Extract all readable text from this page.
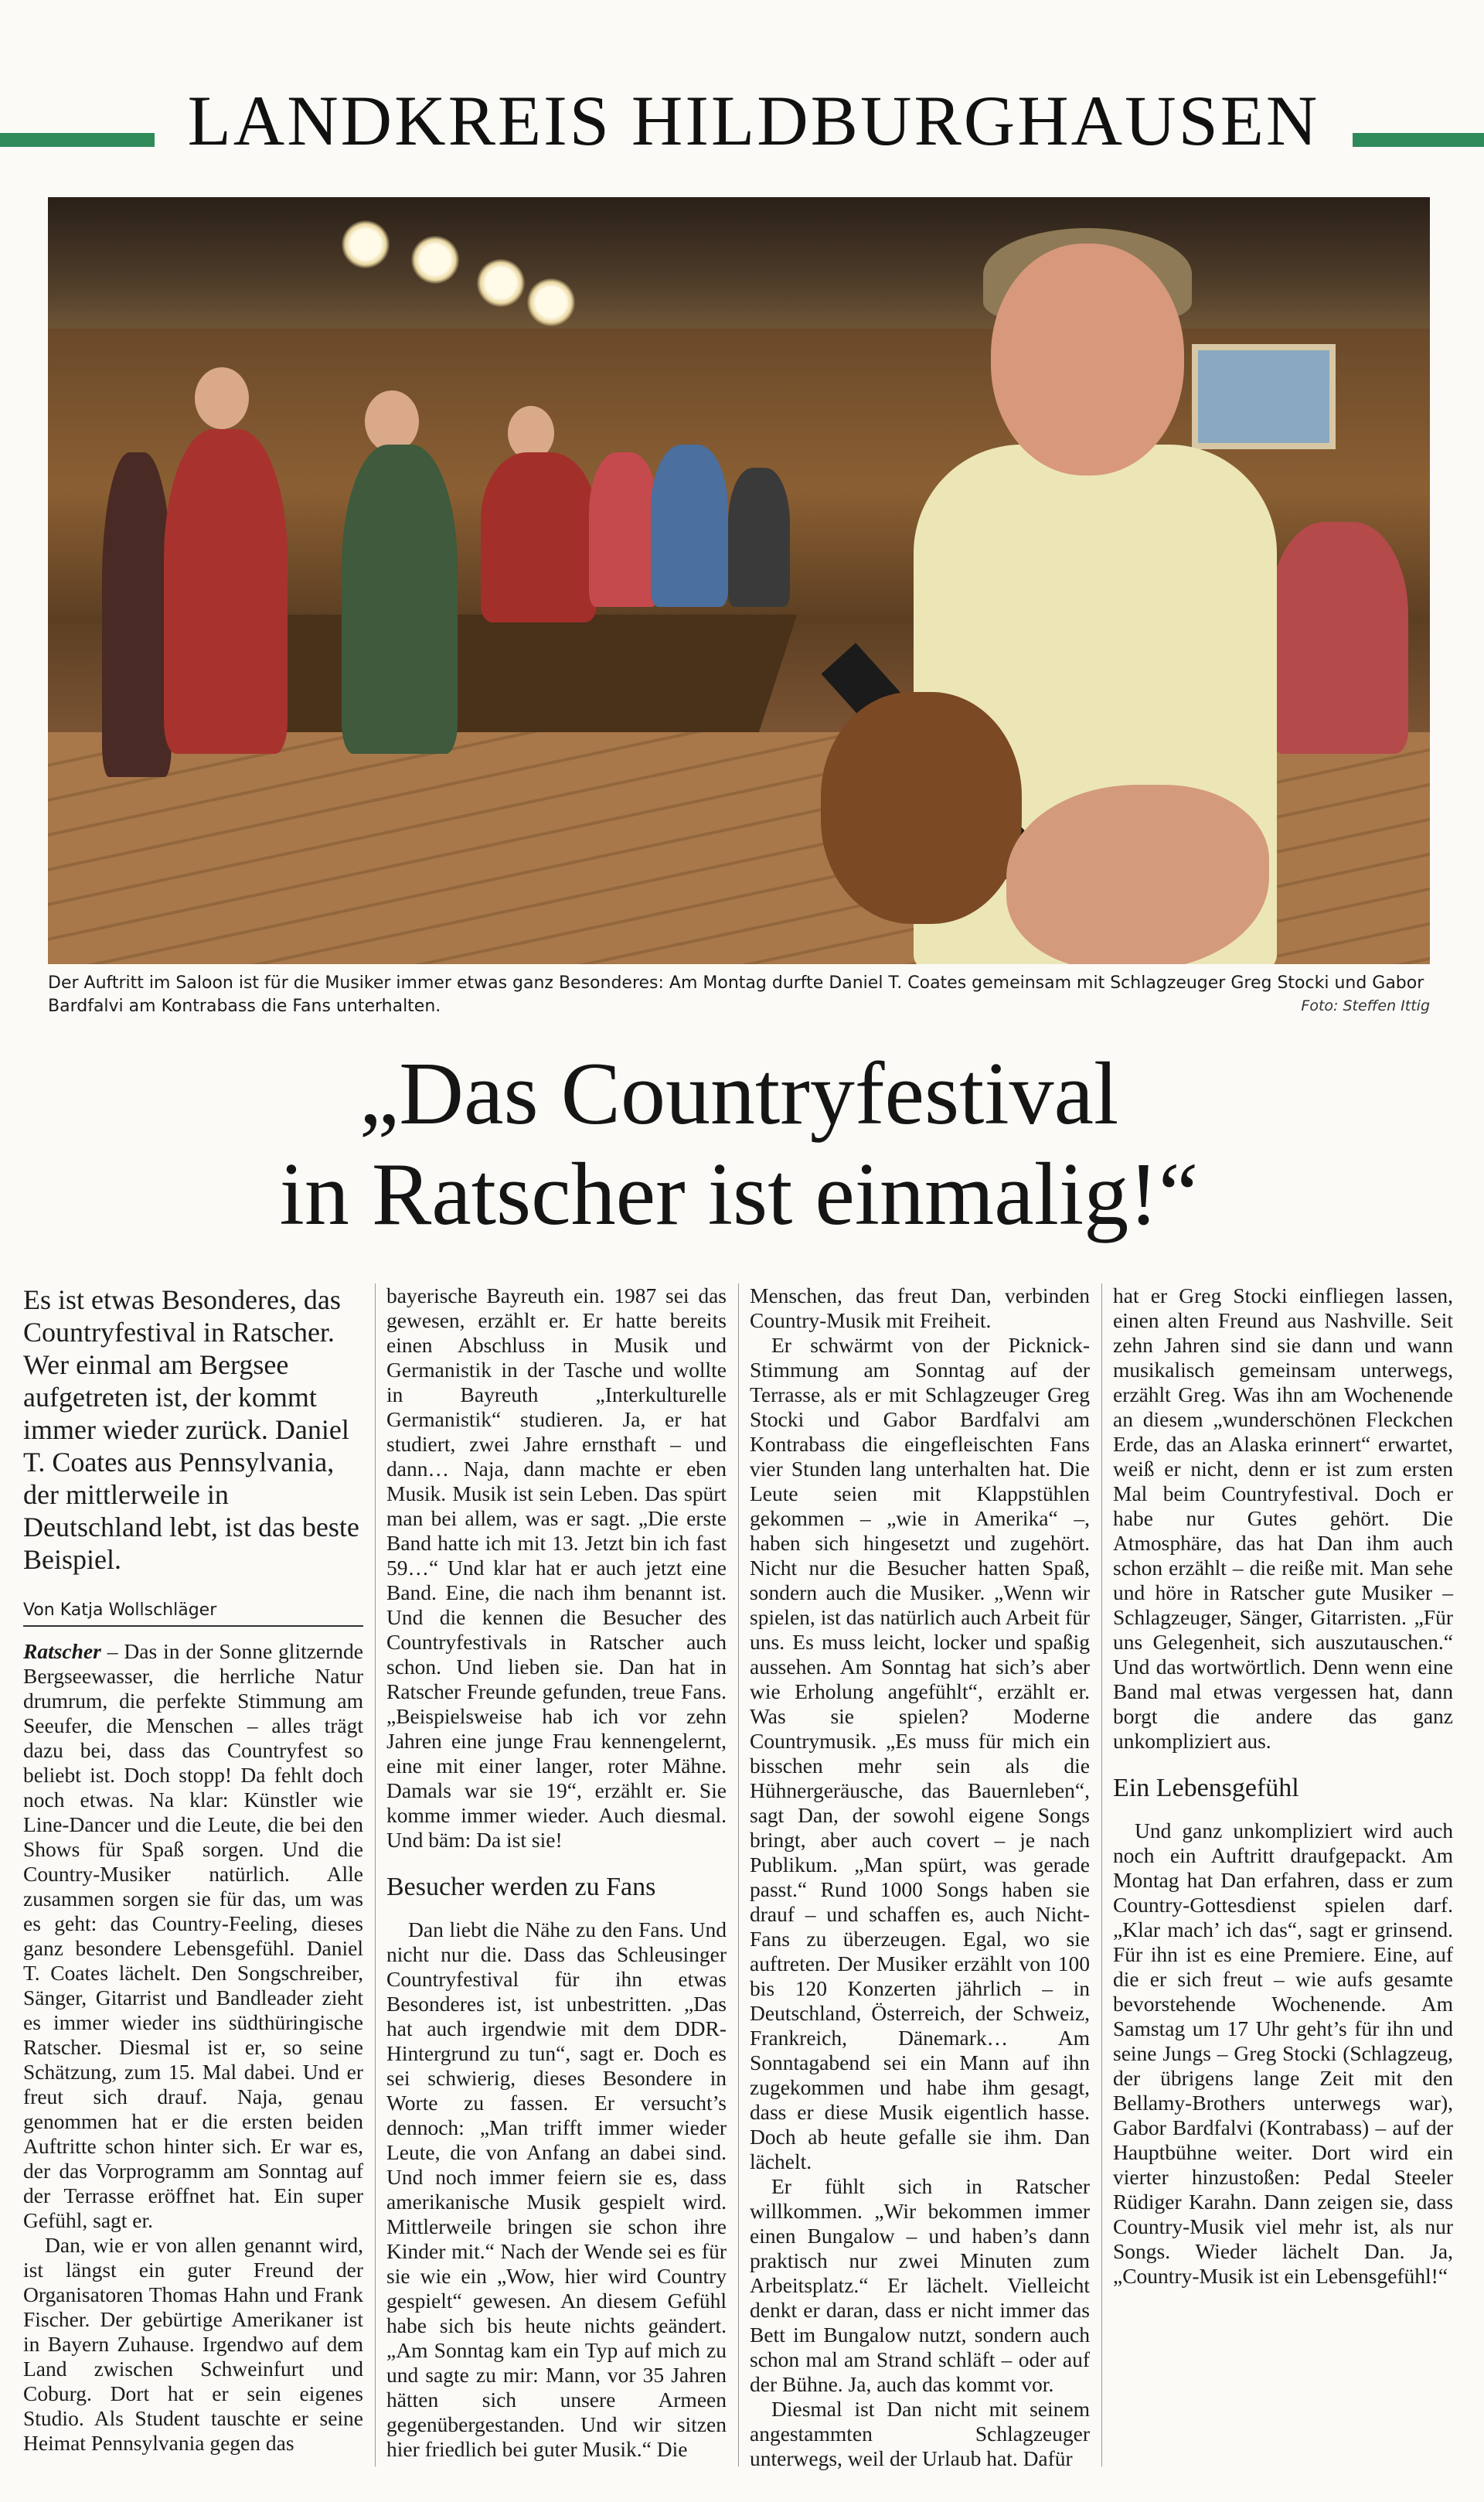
LANDKREIS HILDBURGHAUSEN
Der Auftritt im Saloon ist für die Musiker immer etwas ganz Besonderes: Am Montag durfte Daniel T. Coates gemeinsam mit Schlagzeuger Greg Stocki und Gabor Bardfalvi am Kontrabass die Fans unterhalten.	Foto: Steffen Ittig
„Das Countryfestival
in Ratscher ist einmalig!“
Es ist etwas Besonderes, das Countryfestival in Ratscher. Wer einmal am Bergsee aufgetreten ist, der kommt immer wieder zurück. Daniel T. Coates aus Pennsylvania, der mittlerweile in Deutschland lebt, ist das beste Beispiel.
Von Katja Wollschläger

Ratscher – Das in der Sonne glitzernde Bergseewasser, die herrliche Natur drumrum, die perfekte Stimmung am Seeufer, die Menschen – alles trägt dazu bei, dass das Countryfest so beliebt ist. Doch stopp! Da fehlt doch noch etwas. Na klar: Künstler wie Line-Dancer und die Leute, die bei den Shows für Spaß sorgen. Und die Country-Musiker natürlich. Alle zusammen sorgen sie für das, um was es geht: das Country-Feeling, dieses ganz besondere Lebensgefühl. Daniel T. Coates lächelt. Den Songschreiber, Sänger, Gitarrist und Bandleader zieht es immer wieder ins südthüringische Ratscher. Diesmal ist er, so seine Schätzung, zum 15. Mal dabei. Und er freut sich drauf. Naja, genau genommen hat er die ersten beiden Auftritte schon hinter sich. Er war es, der das Vorprogramm am Sonntag auf der Terrasse eröffnet hat. Ein super Gefühl, sagt er.

Dan, wie er von allen genannt wird, ist längst ein guter Freund der Organisatoren Thomas Hahn und Frank Fischer. Der gebürtige Amerikaner ist in Bayern Zuhause. Irgendwo auf dem Land zwischen Schweinfurt und Coburg. Dort hat er sein eigenes Studio. Als Student tauschte er seine Heimat Pennsylvania gegen das

bayerische Bayreuth ein. 1987 sei das gewesen, erzählt er. Er hatte bereits einen Abschluss in Musik und Germanistik in der Tasche und wollte in Bayreuth „Interkulturelle Germanistik“ studieren. Ja, er hat studiert, zwei Jahre ernsthaft – und dann… Naja, dann machte er eben Musik. Musik ist sein Leben. Das spürt man bei allem, was er sagt. „Die erste Band hatte ich mit 13. Jetzt bin ich fast 59…“ Und klar hat er auch jetzt eine Band. Eine, die nach ihm benannt ist. Und die kennen die Besucher des Countryfestivals in Ratscher auch schon. Und lieben sie. Dan hat in Ratscher Freunde gefunden, treue Fans. „Beispielsweise hab ich vor zehn Jahren eine junge Frau kennengelernt, eine mit einer langer, roter Mähne. Damals war sie 19“, erzählt er. Sie komme immer wieder. Auch diesmal. Und bäm: Da ist sie!

Besucher werden zu Fans

Dan liebt die Nähe zu den Fans. Und nicht nur die. Dass das Schleusinger Countryfestival für ihn etwas Besonderes ist, ist unbestritten. „Das hat auch irgendwie mit dem DDR-Hintergrund zu tun“, sagt er. Doch es sei schwierig, dieses Besondere in Worte zu fassen. Er versucht’s dennoch: „Man trifft immer wieder Leute, die von Anfang an dabei sind. Und noch immer feiern sie es, dass amerikanische Musik gespielt wird. Mittlerweile bringen sie schon ihre Kinder mit.“ Nach der Wende sei es für sie wie ein „Wow, hier wird Country gespielt“ gewesen. An diesem Gefühl habe sich bis heute nichts geändert. „Am Sonntag kam ein Typ auf mich zu und sagte zu mir: Mann, vor 35 Jahren hätten sich unsere Armeen gegenübergestanden. Und wir sitzen hier friedlich bei guter Musik.“ Die

Menschen, das freut Dan, verbinden Country-Musik mit Freiheit.

Er schwärmt von der Picknick-Stimmung am Sonntag auf der Terrasse, als er mit Schlagzeuger Greg Stocki und Gabor Bardfalvi am Kontrabass die eingefleischten Fans vier Stunden lang unterhalten hat. Die Leute seien mit Klappstühlen gekommen – „wie in Amerika“ –, haben sich hingesetzt und zugehört. Nicht nur die Besucher hatten Spaß, sondern auch die Musiker. „Wenn wir spielen, ist das natürlich auch Arbeit für uns. Es muss leicht, locker und spaßig aussehen. Am Sonntag hat sich’s aber wie Erholung angefühlt“, erzählt er. Was sie spielen? Moderne Countrymusik. „Es muss für mich ein bisschen mehr sein als die Hühnergeräusche, das Bauernleben“, sagt Dan, der sowohl eigene Songs bringt, aber auch covert – je nach Publikum. „Man spürt, was gerade passt.“ Rund 1000 Songs haben sie drauf – und schaffen es, auch Nicht-Fans zu überzeugen. Egal, wo sie auftreten. Der Musiker erzählt von 100 bis 120 Konzerten jährlich – in Deutschland, Österreich, der Schweiz, Frankreich, Dänemark… Am Sonntagabend sei ein Mann auf ihn zugekommen und habe ihm gesagt, dass er diese Musik eigentlich hasse. Doch ab heute gefalle sie ihm. Dan lächelt.

Er fühlt sich in Ratscher willkommen. „Wir bekommen immer einen Bungalow – und haben’s dann praktisch nur zwei Minuten zum Arbeitsplatz.“ Er lächelt. Vielleicht denkt er daran, dass er nicht immer das Bett im Bungalow nutzt, sondern auch schon mal am Strand schläft – oder auf der Bühne. Ja, auch das kommt vor.

Diesmal ist Dan nicht mit seinem angestammten Schlagzeuger unterwegs, weil der Urlaub hat. Dafür

hat er Greg Stocki einfliegen lassen, einen alten Freund aus Nashville. Seit zehn Jahren sind sie dann und wann musikalisch gemeinsam unterwegs, erzählt Greg. Was ihn am Wochenende an diesem „wunderschönen Fleckchen Erde, das an Alaska erinnert“ erwartet, weiß er nicht, denn er ist zum ersten Mal beim Countryfestival. Doch er habe nur Gutes gehört. Die Atmosphäre, das hat Dan ihm auch schon erzählt – die reiße mit. Man sehe und höre in Ratscher gute Musiker – Schlagzeuger, Sänger, Gitarristen. „Für uns Gelegenheit, sich auszutauschen.“ Und das wortwörtlich. Denn wenn eine Band mal etwas vergessen hat, dann borgt die andere das ganz unkompliziert aus.

Ein Lebensgefühl

Und ganz unkompliziert wird auch noch ein Auftritt draufgepackt. Am Montag hat Dan erfahren, dass er zum Country-Gottesdienst spielen darf. „Klar mach’ ich das“, sagt er grinsend. Für ihn ist es eine Premiere. Eine, auf die er sich freut – wie aufs gesamte bevorstehende Wochenende. Am Samstag um 17 Uhr geht’s für ihn und seine Jungs – Greg Stocki (Schlagzeug, der übrigens lange Zeit mit den Bellamy-Brothers unterwegs war), Gabor Bardfalvi (Kontrabass) – auf der Hauptbühne weiter. Dort wird ein vierter hinzustoßen: Pedal Steeler Rüdiger Karahn. Dann zeigen sie, dass Country-Musik viel mehr ist, als nur Songs. Wieder lächelt Dan. Ja, „Country-Musik ist ein Lebensgefühl!“
